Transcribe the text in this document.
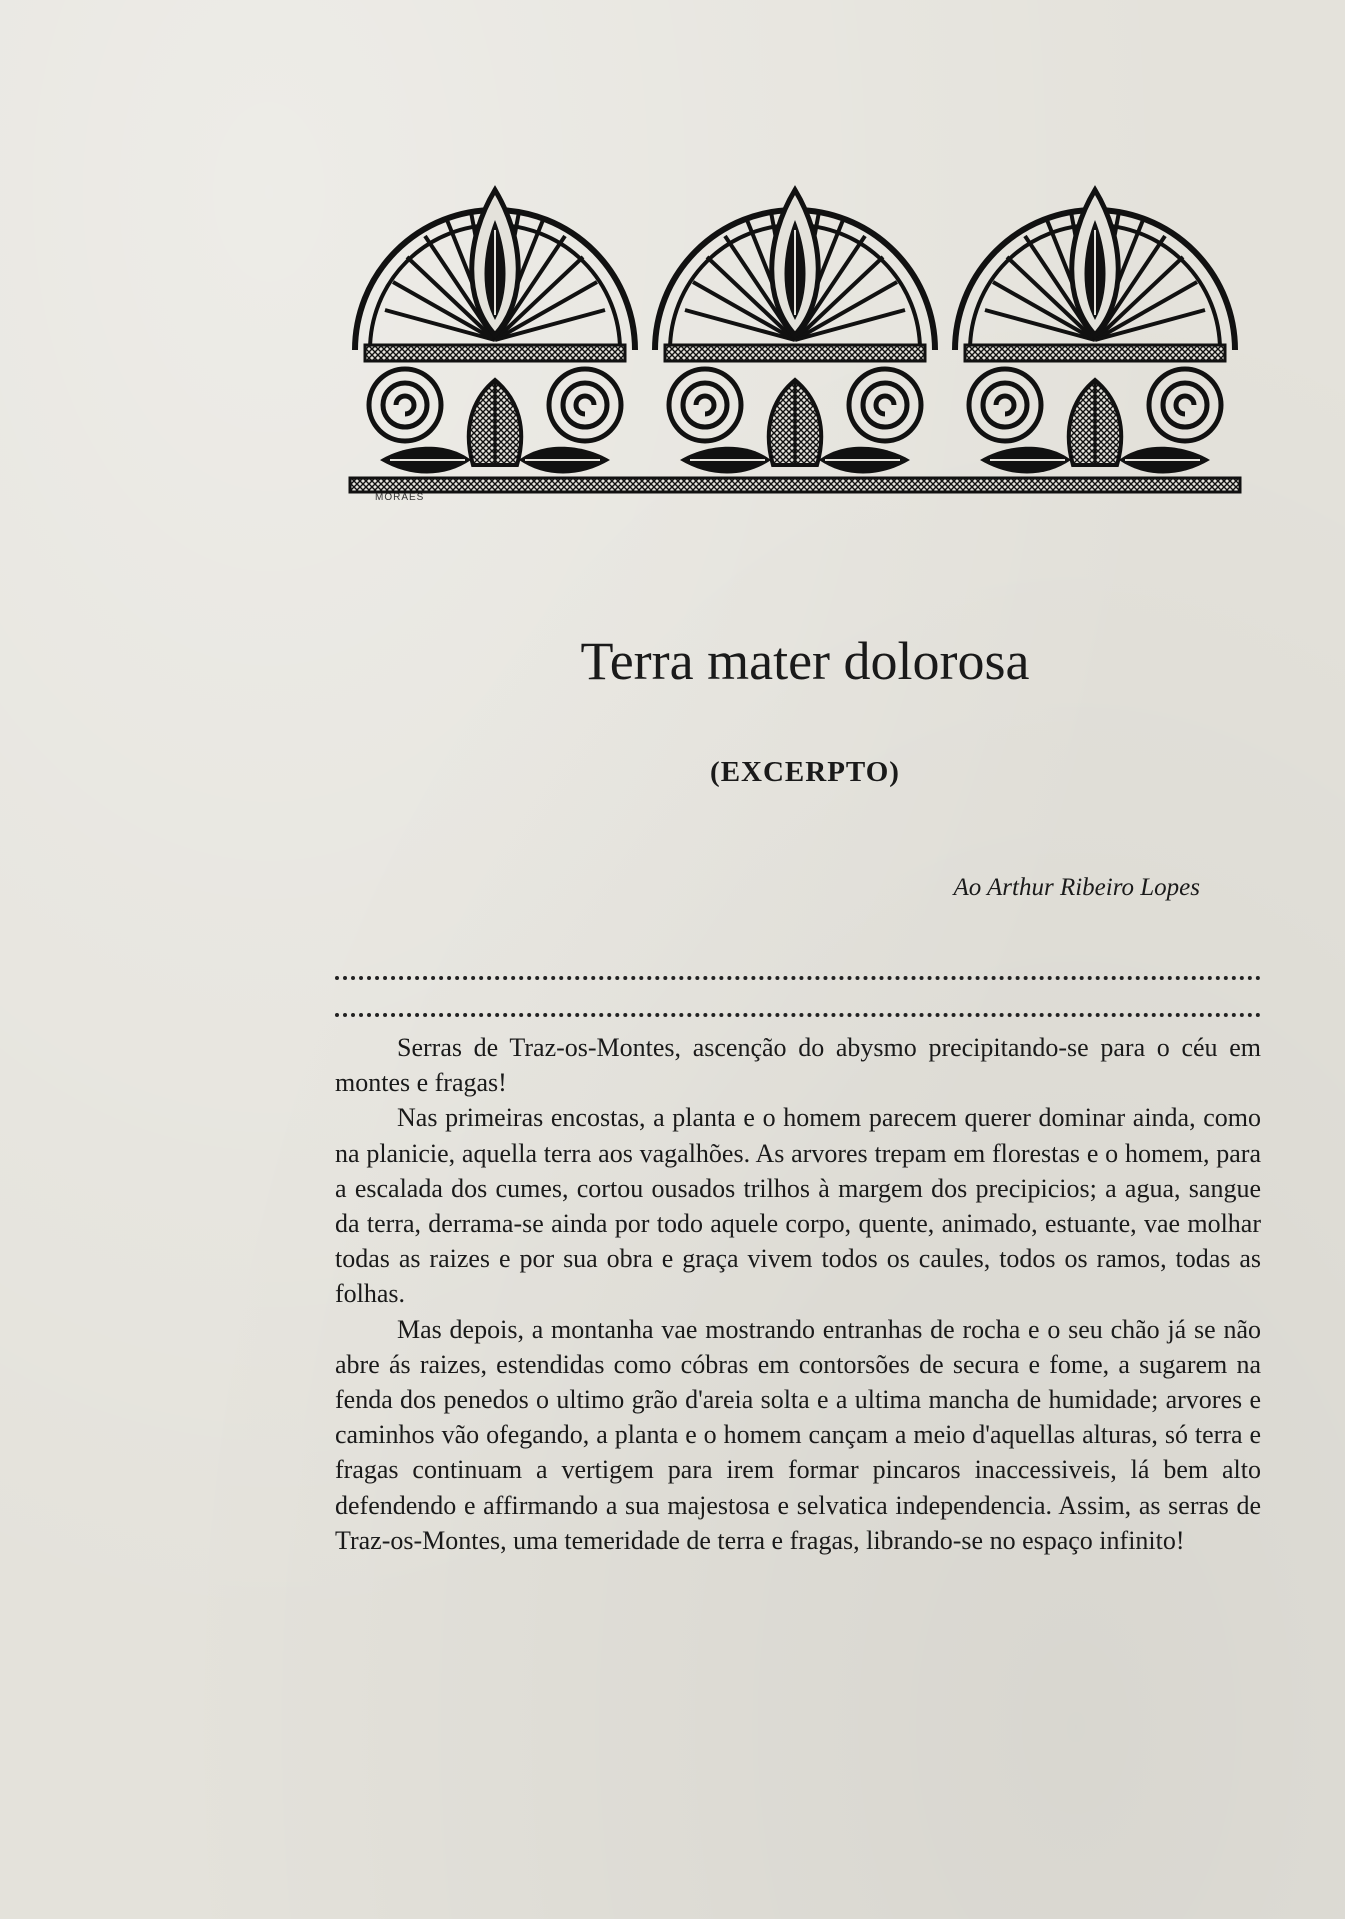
MORAES
Terra mater dolorosa
(EXCERPTO)

Ao Arthur Ribeiro Lopes

Serras de Traz-os-Montes, ascenção do abysmo precipitando-se para o céu em montes e fragas!

Nas primeiras encostas, a planta e o homem parecem querer dominar ainda, como na planicie, aquella terra aos vagalhões. As arvores trepam em florestas e o homem, para a escalada dos cumes, cortou ousados trilhos à margem dos precipicios; a agua, sangue da terra, derrama-se ainda por todo aquele corpo, quente, animado, estuante, vae molhar todas as raizes e por sua obra e graça vivem todos os caules, todos os ramos, todas as folhas.

Mas depois, a montanha vae mostrando entranhas de rocha e o seu chão já se não abre ás raizes, estendidas como cóbras em contorsões de secura e fome, a sugarem na fenda dos penedos o ultimo grão d'areia solta e a ultima mancha de humidade; arvores e caminhos vão ofegando, a planta e o homem cançam a meio d'aquellas alturas, só terra e fragas continuam a vertigem para irem formar pincaros inaccessiveis, lá bem alto defendendo e affirmando a sua majestosa e selvatica independencia. Assim, as serras de Traz-os-Montes, uma temeridade de terra e fragas, librando-se no espaço infinito!
